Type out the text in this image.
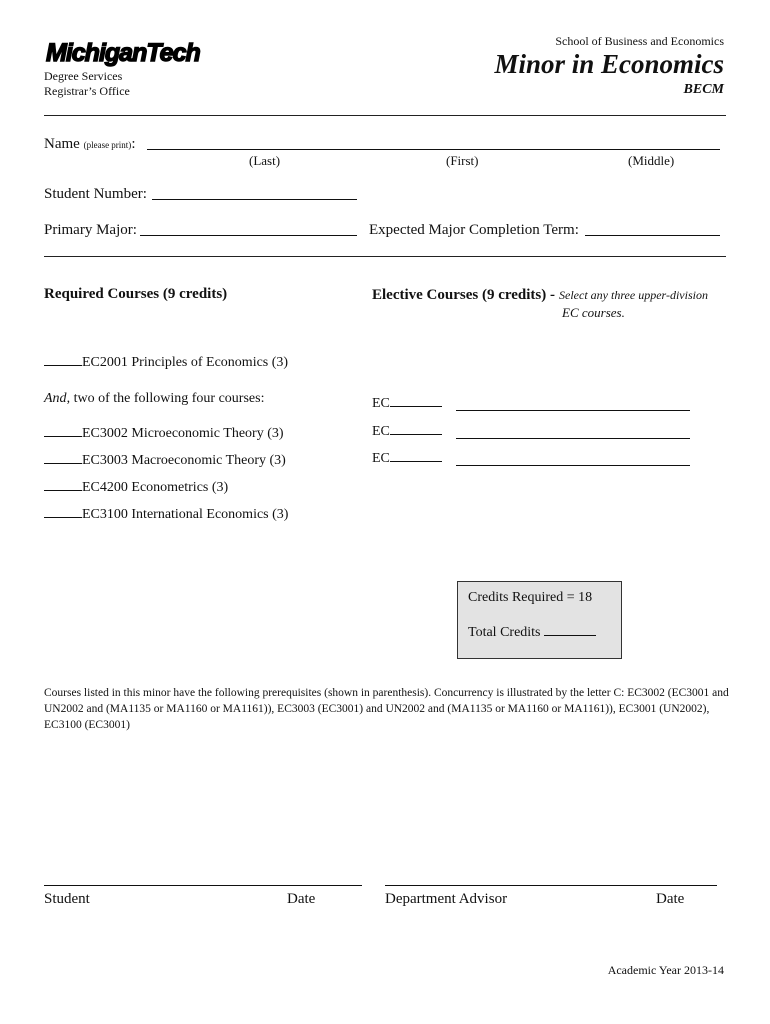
MichiganTech
Degree Services
Registrar’s Office
School of Business and Economics
Minor in Economics
BECM
Name (please print):
(Last)	(First)	(Middle)
Student Number:
Primary Major:	Expected Major Completion Term:
Required Courses (9 credits)
EC2001 Principles of Economics (3)
And, two of the following four courses:
EC3002 Microeconomic Theory (3)
EC3003 Macroeconomic Theory (3)
EC4200 Econometrics (3)
EC3100 International Economics (3)
Elective Courses (9 credits) - Select any three upper-division
EC courses.
EC
EC
EC
Credits Required = 18
Total Credits
Courses listed in this minor have the following prerequisites (shown in parenthesis). Concurrency is illustrated by the letter C: EC3002 (EC3001 and UN2002 and (MA1135 or MA1160 or MA1161)), EC3003 (EC3001) and UN2002 and (MA1135 or MA1160 or MA1161)), EC3001 (UN2002), EC3100 (EC3001)
Student	Date	Department Advisor	Date
Academic Year 2013-14
